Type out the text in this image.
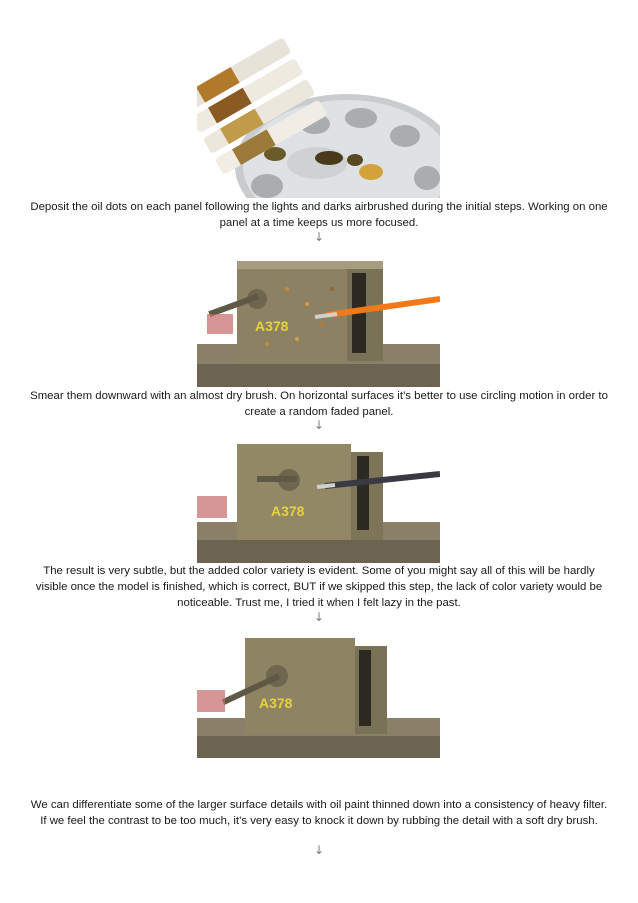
Deposit the oil dots on each panel following the lights and darks airbrushed during the initial steps. Working on one panel at a time keeps us more focused.
↓
A378
Smear them downward with an almost dry brush. On horizontal surfaces it’s better to use circling motion in order to create a random faded panel.
↓
A378
The result is very subtle, but the added color variety is evident. Some of you might say all of this will be hardly visible once the model is finished, which is correct, BUT if we skipped this step, the lack of color variety would be noticeable. Trust me, I tried it when I felt lazy in the past.
↓
A378
We can differentiate some of the larger surface details with oil paint thinned down into a consistency of heavy filter. If we feel the contrast to be too much, it’s very easy to knock it down by rubbing the detail with a soft dry brush.
↓
